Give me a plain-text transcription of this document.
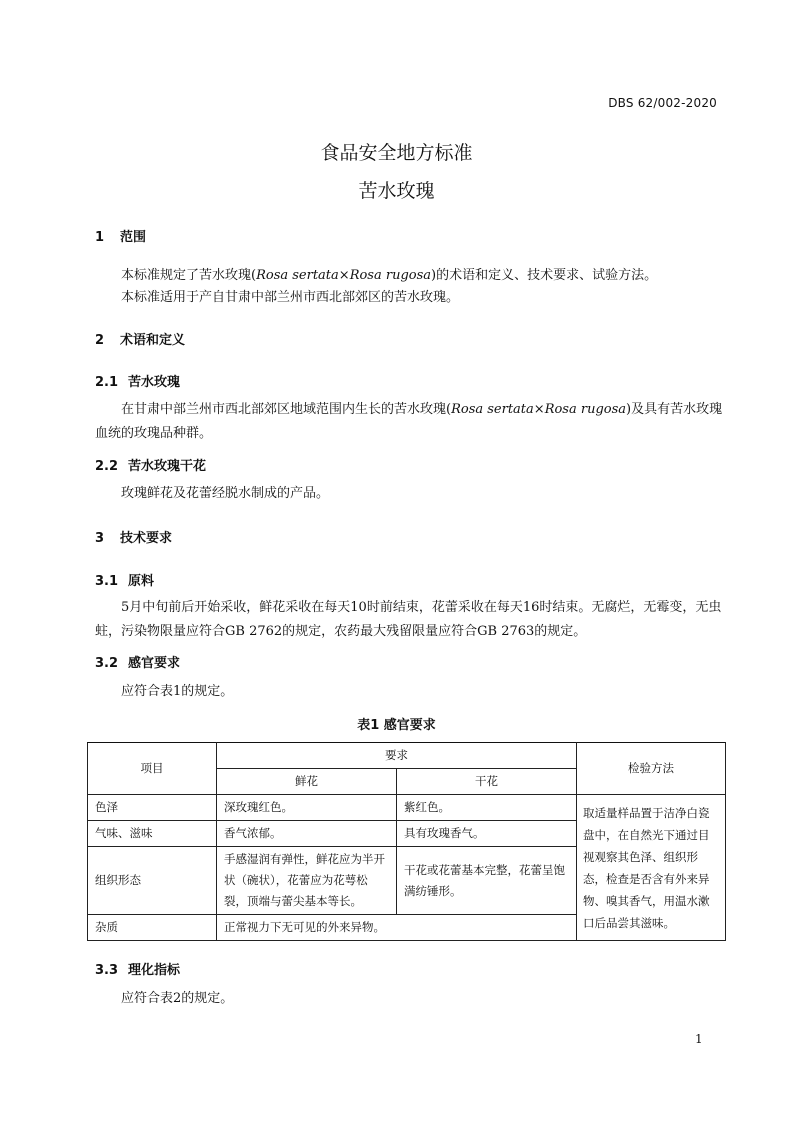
DBS 62/002-2020
食品安全地方标准
苦水玫瑰
1 范围
本标准规定了苦水玫瑰(Rosa sertata×Rosa rugosa)的术语和定义、技术要求、试验方法。
本标准适用于产自甘肃中部兰州市西北部郊区的苦水玫瑰。
2 术语和定义
2.1 苦水玫瑰
在甘肃中部兰州市西北部郊区地域范围内生长的苦水玫瑰(Rosa sertata×Rosa rugosa)及具有苦水玫瑰血统的玫瑰品种群。
2.2 苦水玫瑰干花
玫瑰鲜花及花蕾经脱水制成的产品。
3 技术要求
3.1 原料
5月中旬前后开始采收，鲜花采收在每天10时前结束，花蕾采收在每天16时结束。无腐烂，无霉变，无虫蛀，污染物限量应符合GB 2762的规定，农药最大残留限量应符合GB 2763的规定。
3.2 感官要求
应符合表1的规定。
表1 感官要求
项目	要求		检验方法
	鲜花	干花	
色泽	深玫瑰红色。	紫红色。	取适量样品置于洁净白瓷盘中，在自然光下通过目视观察其色泽、组织形态，检查是否含有外来异物、嗅其香气，用温水漱口后品尝其滋味。
气味、滋味	香气浓郁。	具有玫瑰香气。	
组织形态	手感湿润有弹性，鲜花应为半开状（碗状），花蕾应为花萼松裂，顶端与蕾尖基本等长。	干花或花蕾基本完整，花蕾呈饱满纺锤形。	
杂质	正常视力下无可见的外来异物。		
3.3 理化指标
应符合表2的规定。
1
